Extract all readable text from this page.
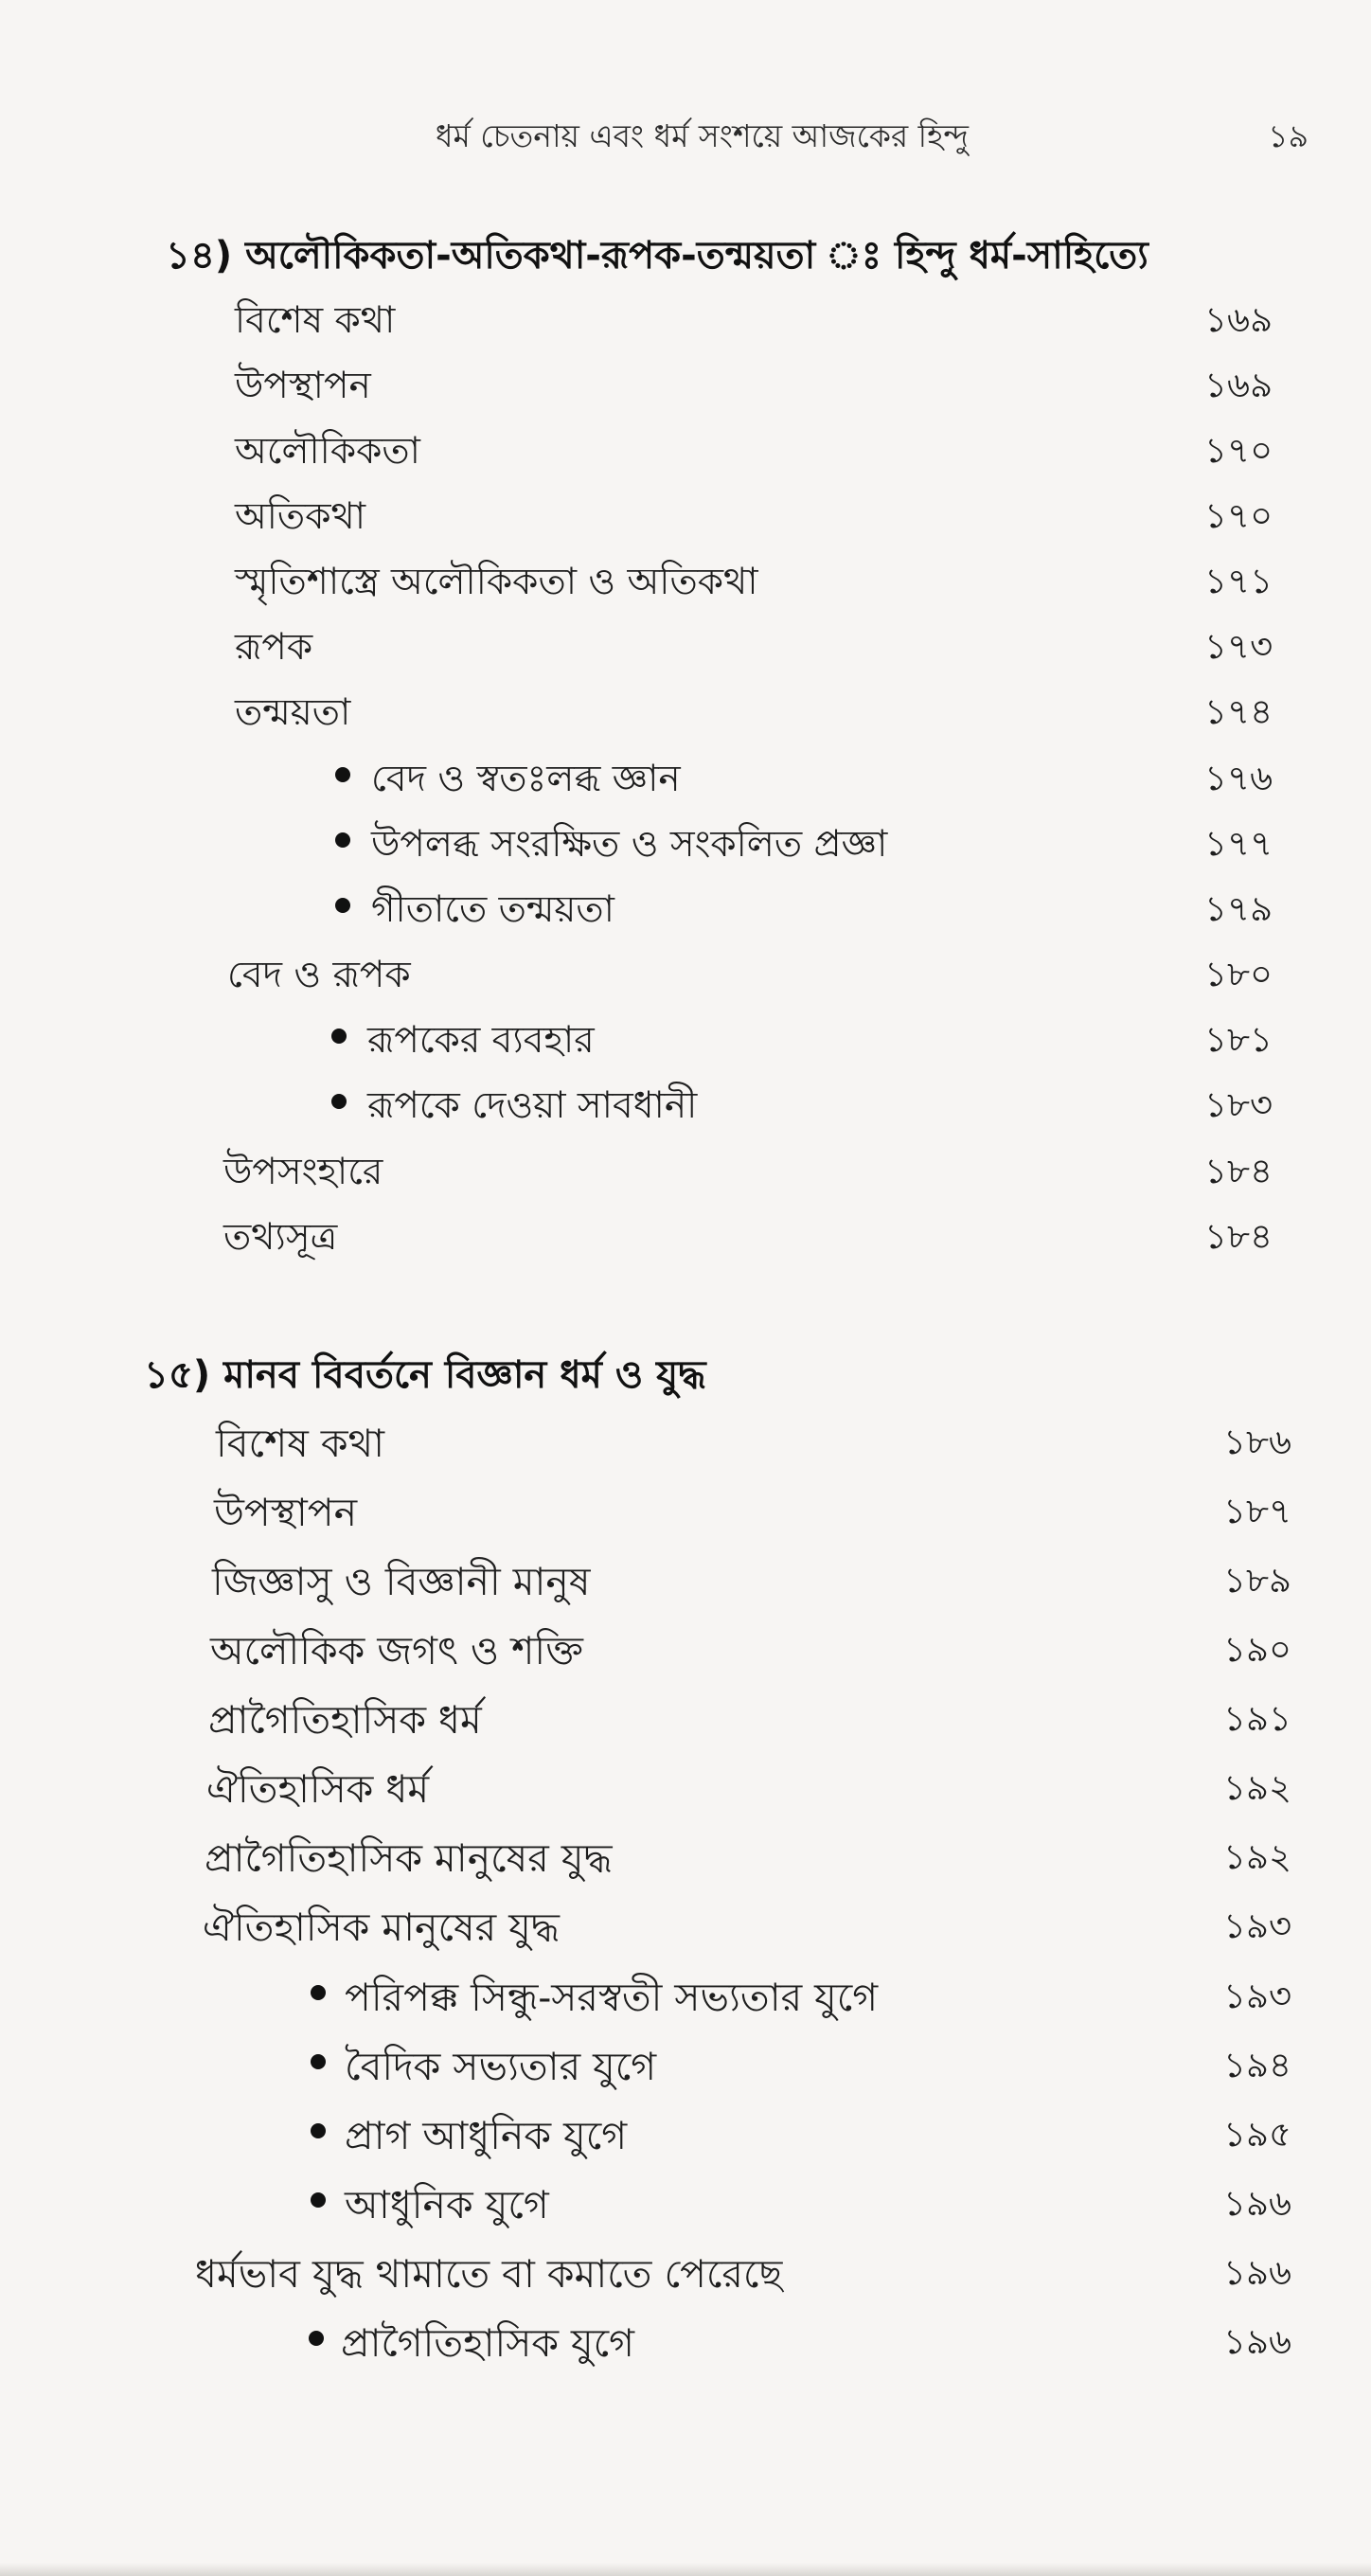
ধর্ম চেতনায় এবং ধর্ম সংশয়ে আজকের হিন্দু	১৯
১৪) অলৌকিকতা-অতিকথা-রূপক-তন্ময়তা ঃ হিন্দু ধর্ম-সাহিত্যে
বিশেষ কথা	১৬৯
উপস্থাপন	১৬৯
অলৌকিকতা	১৭০
অতিকথা	১৭০
স্মৃতিশাস্ত্রে অলৌকিকতা ও অতিকথা	১৭১
রূপক	১৭৩
তন্ময়তা	১৭৪
বেদ ও স্বতঃলব্ধ জ্ঞান	১৭৬
উপলব্ধ সংরক্ষিত ও সংকলিত প্রজ্ঞা	১৭৭
গীতাতে তন্ময়তা	১৭৯
বেদ ও রূপক	১৮০
রূপকের ব্যবহার	১৮১
রূপকে দেওয়া সাবধানী	১৮৩
উপসংহারে	১৮৪
তথ্যসূত্র	১৮৪
১৫) মানব বিবর্তনে বিজ্ঞান ধর্ম ও যুদ্ধ
বিশেষ কথা	১৮৬
উপস্থাপন	১৮৭
জিজ্ঞাসু ও বিজ্ঞানী মানুষ	১৮৯
অলৌকিক জগৎ ও শক্তি	১৯০
প্রাগৈতিহাসিক ধর্ম	১৯১
ঐতিহাসিক ধর্ম	১৯২
প্রাগৈতিহাসিক মানুষের যুদ্ধ	১৯২
ঐতিহাসিক মানুষের যুদ্ধ	১৯৩
পরিপক্ক সিন্ধু-সরস্বতী সভ্যতার যুগে	১৯৩
বৈদিক সভ্যতার যুগে	১৯৪
প্রাগ আধুনিক যুগে	১৯৫
আধুনিক যুগে	১৯৬
ধর্মভাব যুদ্ধ থামাতে বা কমাতে পেরেছে	১৯৬
প্রাগৈতিহাসিক যুগে	১৯৬
